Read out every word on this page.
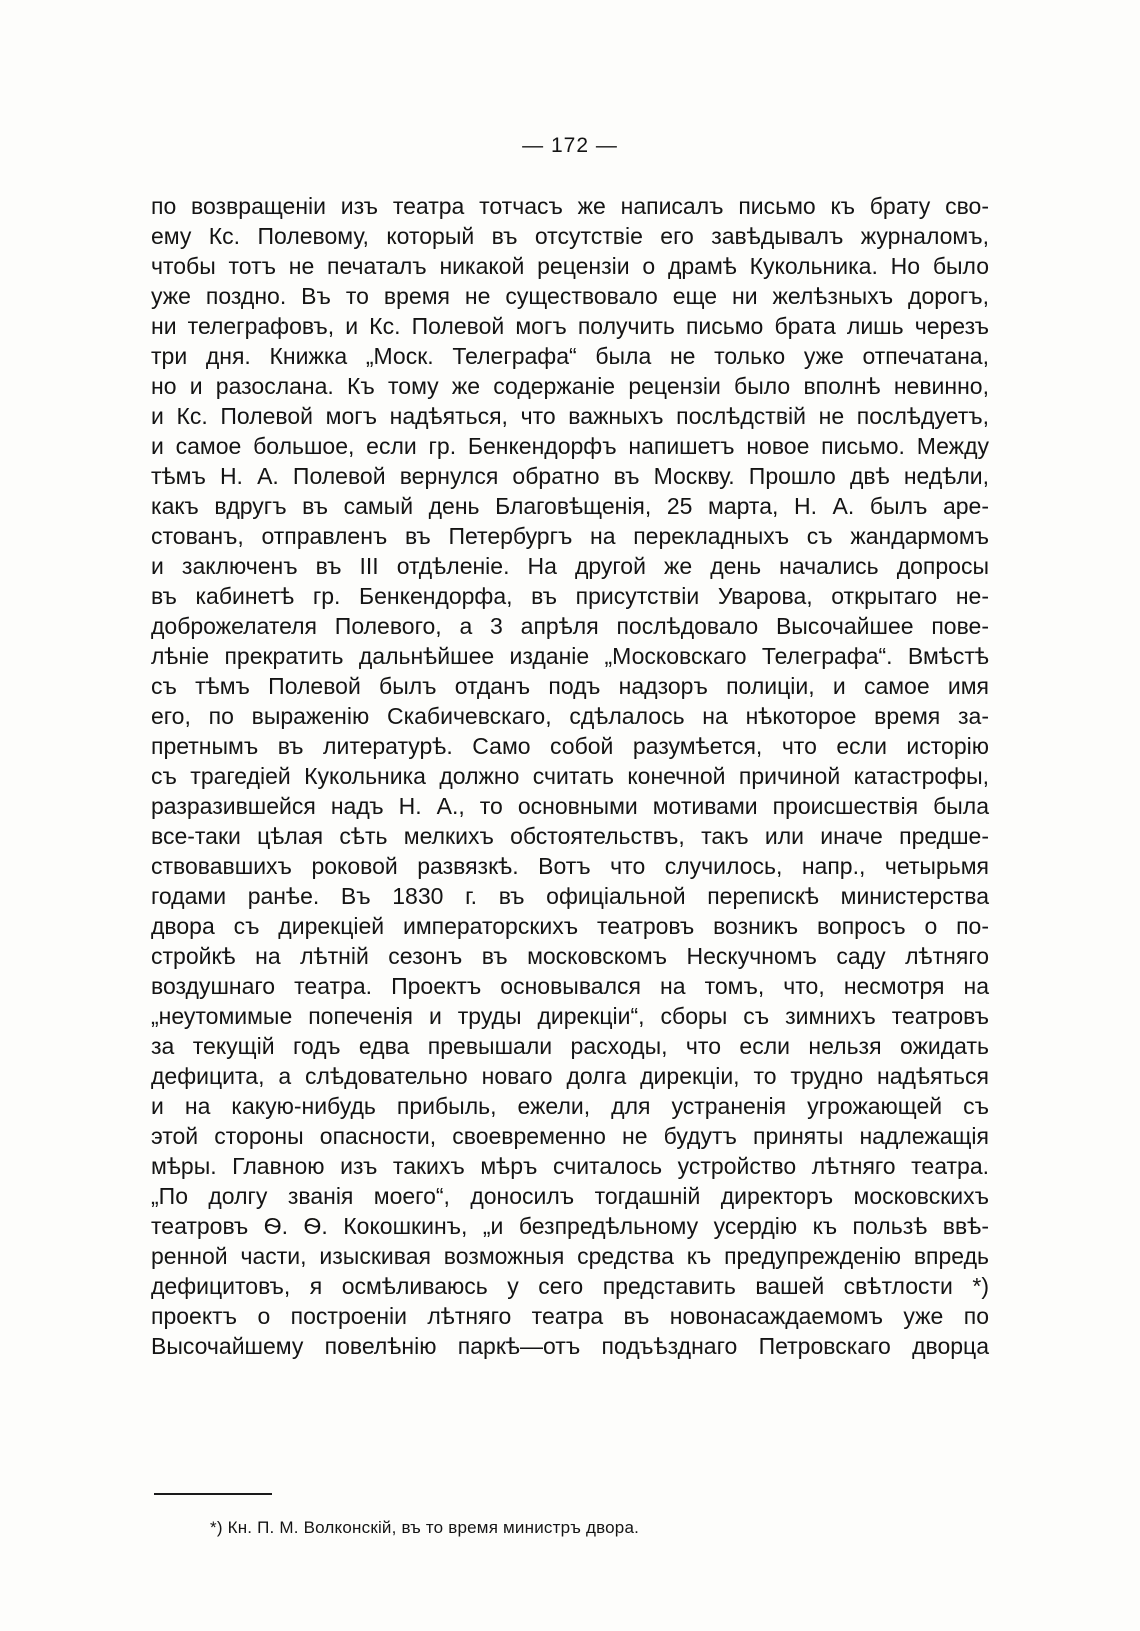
— 172 —
по возвращеніи изъ театра тотчасъ же написалъ письмо къ брату сво-
ему Кс. Полевому, который въ отсутствіе его завѣдывалъ журналомъ,
чтобы тотъ не печаталъ никакой рецензіи о драмѣ Кукольника. Но было
уже поздно. Въ то время не существовало еще ни желѣзныхъ дорогъ,
ни телеграфовъ, и Кс. Полевой могъ получить письмо брата лишь черезъ
три дня. Книжка „Моск. Телеграфа“ была не только уже отпечатана,
но и разослана. Къ тому же содержаніе рецензіи было вполнѣ невинно,
и Кс. Полевой могъ надѣяться, что важныхъ послѣдствій не послѣдуетъ,
и самое большое, если гр. Бенкендорфъ напишетъ новое письмо. Между
тѣмъ Н. А. Полевой вернулся обратно въ Москву. Прошло двѣ недѣли,
какъ вдругъ въ самый день Благовѣщенія, 25 марта, Н. А. былъ аре-
стованъ, отправленъ въ Петербургъ на перекладныхъ съ жандармомъ
и заключенъ въ III отдѣленіе. На другой же день начались допросы
въ кабинетѣ гр. Бенкендорфа, въ присутствіи Уварова, открытаго не-
доброжелателя Полевого, а 3 апрѣля послѣдовало Высочайшее пове-
лѣніе прекратить дальнѣйшее изданіе „Московскаго Телеграфа“. Вмѣстѣ
съ тѣмъ Полевой былъ отданъ подъ надзоръ полиціи, и самое имя
его, по выраженію Скабичевскаго, сдѣлалось на нѣкоторое время за-
претнымъ въ литературѣ. Само собой разумѣется, что если исторію
съ трагедіей Кукольника должно считать конечной причиной катастрофы,
разразившейся надъ Н. А., то основными мотивами происшествія была
все-таки цѣлая сѣть мелкихъ обстоятельствъ, такъ или иначе предше-
ствовавшихъ роковой развязкѣ. Вотъ что случилось, напр., четырьмя
годами ранѣе. Въ 1830 г. въ офиціальной перепискѣ министерства
двора съ дирекціей императорскихъ театровъ возникъ вопросъ о по-
стройкѣ на лѣтній сезонъ въ московскомъ Нескучномъ саду лѣтняго
воздушнаго театра. Проектъ основывался на томъ, что, несмотря на
„неутомимые попеченія и труды дирекціи“, сборы съ зимнихъ театровъ
за текущій годъ едва превышали расходы, что если нельзя ожидать
дефицита, а слѣдовательно новаго долга дирекціи, то трудно надѣяться
и на какую-нибудь прибыль, ежели, для устраненія угрожающей съ
этой стороны опасности, своевременно не будутъ приняты надлежащія
мѣры. Главною изъ такихъ мѣръ считалось устройство лѣтняго театра.
„По долгу званія моего“, доносилъ тогдашній директоръ московскихъ
театровъ Ѳ. Ѳ. Кокошкинъ, „и безпредѣльному усердію къ пользѣ ввѣ-
ренной части, изыскивая возможныя средства къ предупрежденію впредь
дефицитовъ, я осмѣливаюсь у сего представить вашей свѣтлости *)
проектъ о построеніи лѣтняго театра въ новонасаждаемомъ уже по
Высочайшему повелѣнію паркѣ—отъ подъѣзднаго Петровскаго дворца
*) Кн. П. М. Волконскій, въ то время министръ двора.
